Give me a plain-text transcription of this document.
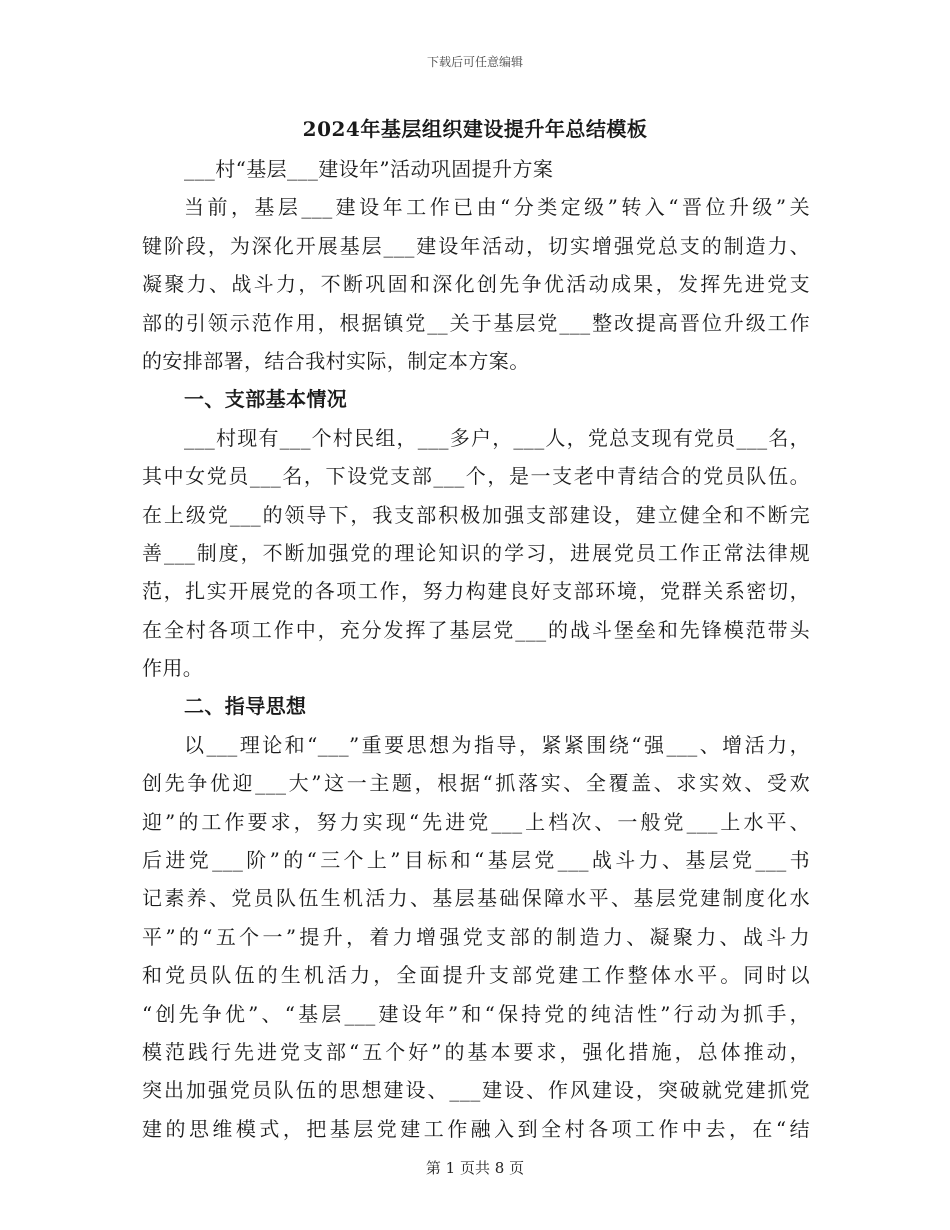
下载后可任意编辑
2024年基层组织建设提升年总结模板
___村“基层___建设年”活动巩固提升方案
当前，基层___建设年工作已由“分类定级”转入“晋位升级”关
键阶段，为深化开展基层___建设年活动，切实增强党总支的制造力、
凝聚力、战斗力，不断巩固和深化创先争优活动成果，发挥先进党支
部的引领示范作用，根据镇党__关于基层党___整改提高晋位升级工作
的安排部署，结合我村实际，制定本方案。
一、支部基本情况
___村现有___个村民组，___多户，___人，党总支现有党员___名，
其中女党员___名，下设党支部___个，是一支老中青结合的党员队伍。
在上级党___的领导下，我支部积极加强支部建设，建立健全和不断完
善___制度，不断加强党的理论知识的学习，进展党员工作正常法律规
范，扎实开展党的各项工作，努力构建良好支部环境，党群关系密切，
在全村各项工作中，充分发挥了基层党___的战斗堡垒和先锋模范带头
作用。
二、指导思想
以___理论和“___”重要思想为指导，紧紧围绕“强___、增活力，
创先争优迎___大”这一主题，根据“抓落实、全覆盖、求实效、受欢
迎”的工作要求，努力实现“先进党___上档次、一般党___上水平、
后进党___阶”的“三个上”目标和“基层党___战斗力、基层党___书
记素养、党员队伍生机活力、基层基础保障水平、基层党建制度化水
平”的“五个一”提升，着力增强党支部的制造力、凝聚力、战斗力
和党员队伍的生机活力，全面提升支部党建工作整体水平。同时以
“创先争优”、“基层___建设年”和“保持党的纯洁性”行动为抓手，
模范践行先进党支部“五个好”的基本要求，强化措施，总体推动，
突出加强党员队伍的思想建设、___建设、作风建设，突破就党建抓党
建的思维模式，把基层党建工作融入到全村各项工作中去，在“结
第 1 页共 8 页
